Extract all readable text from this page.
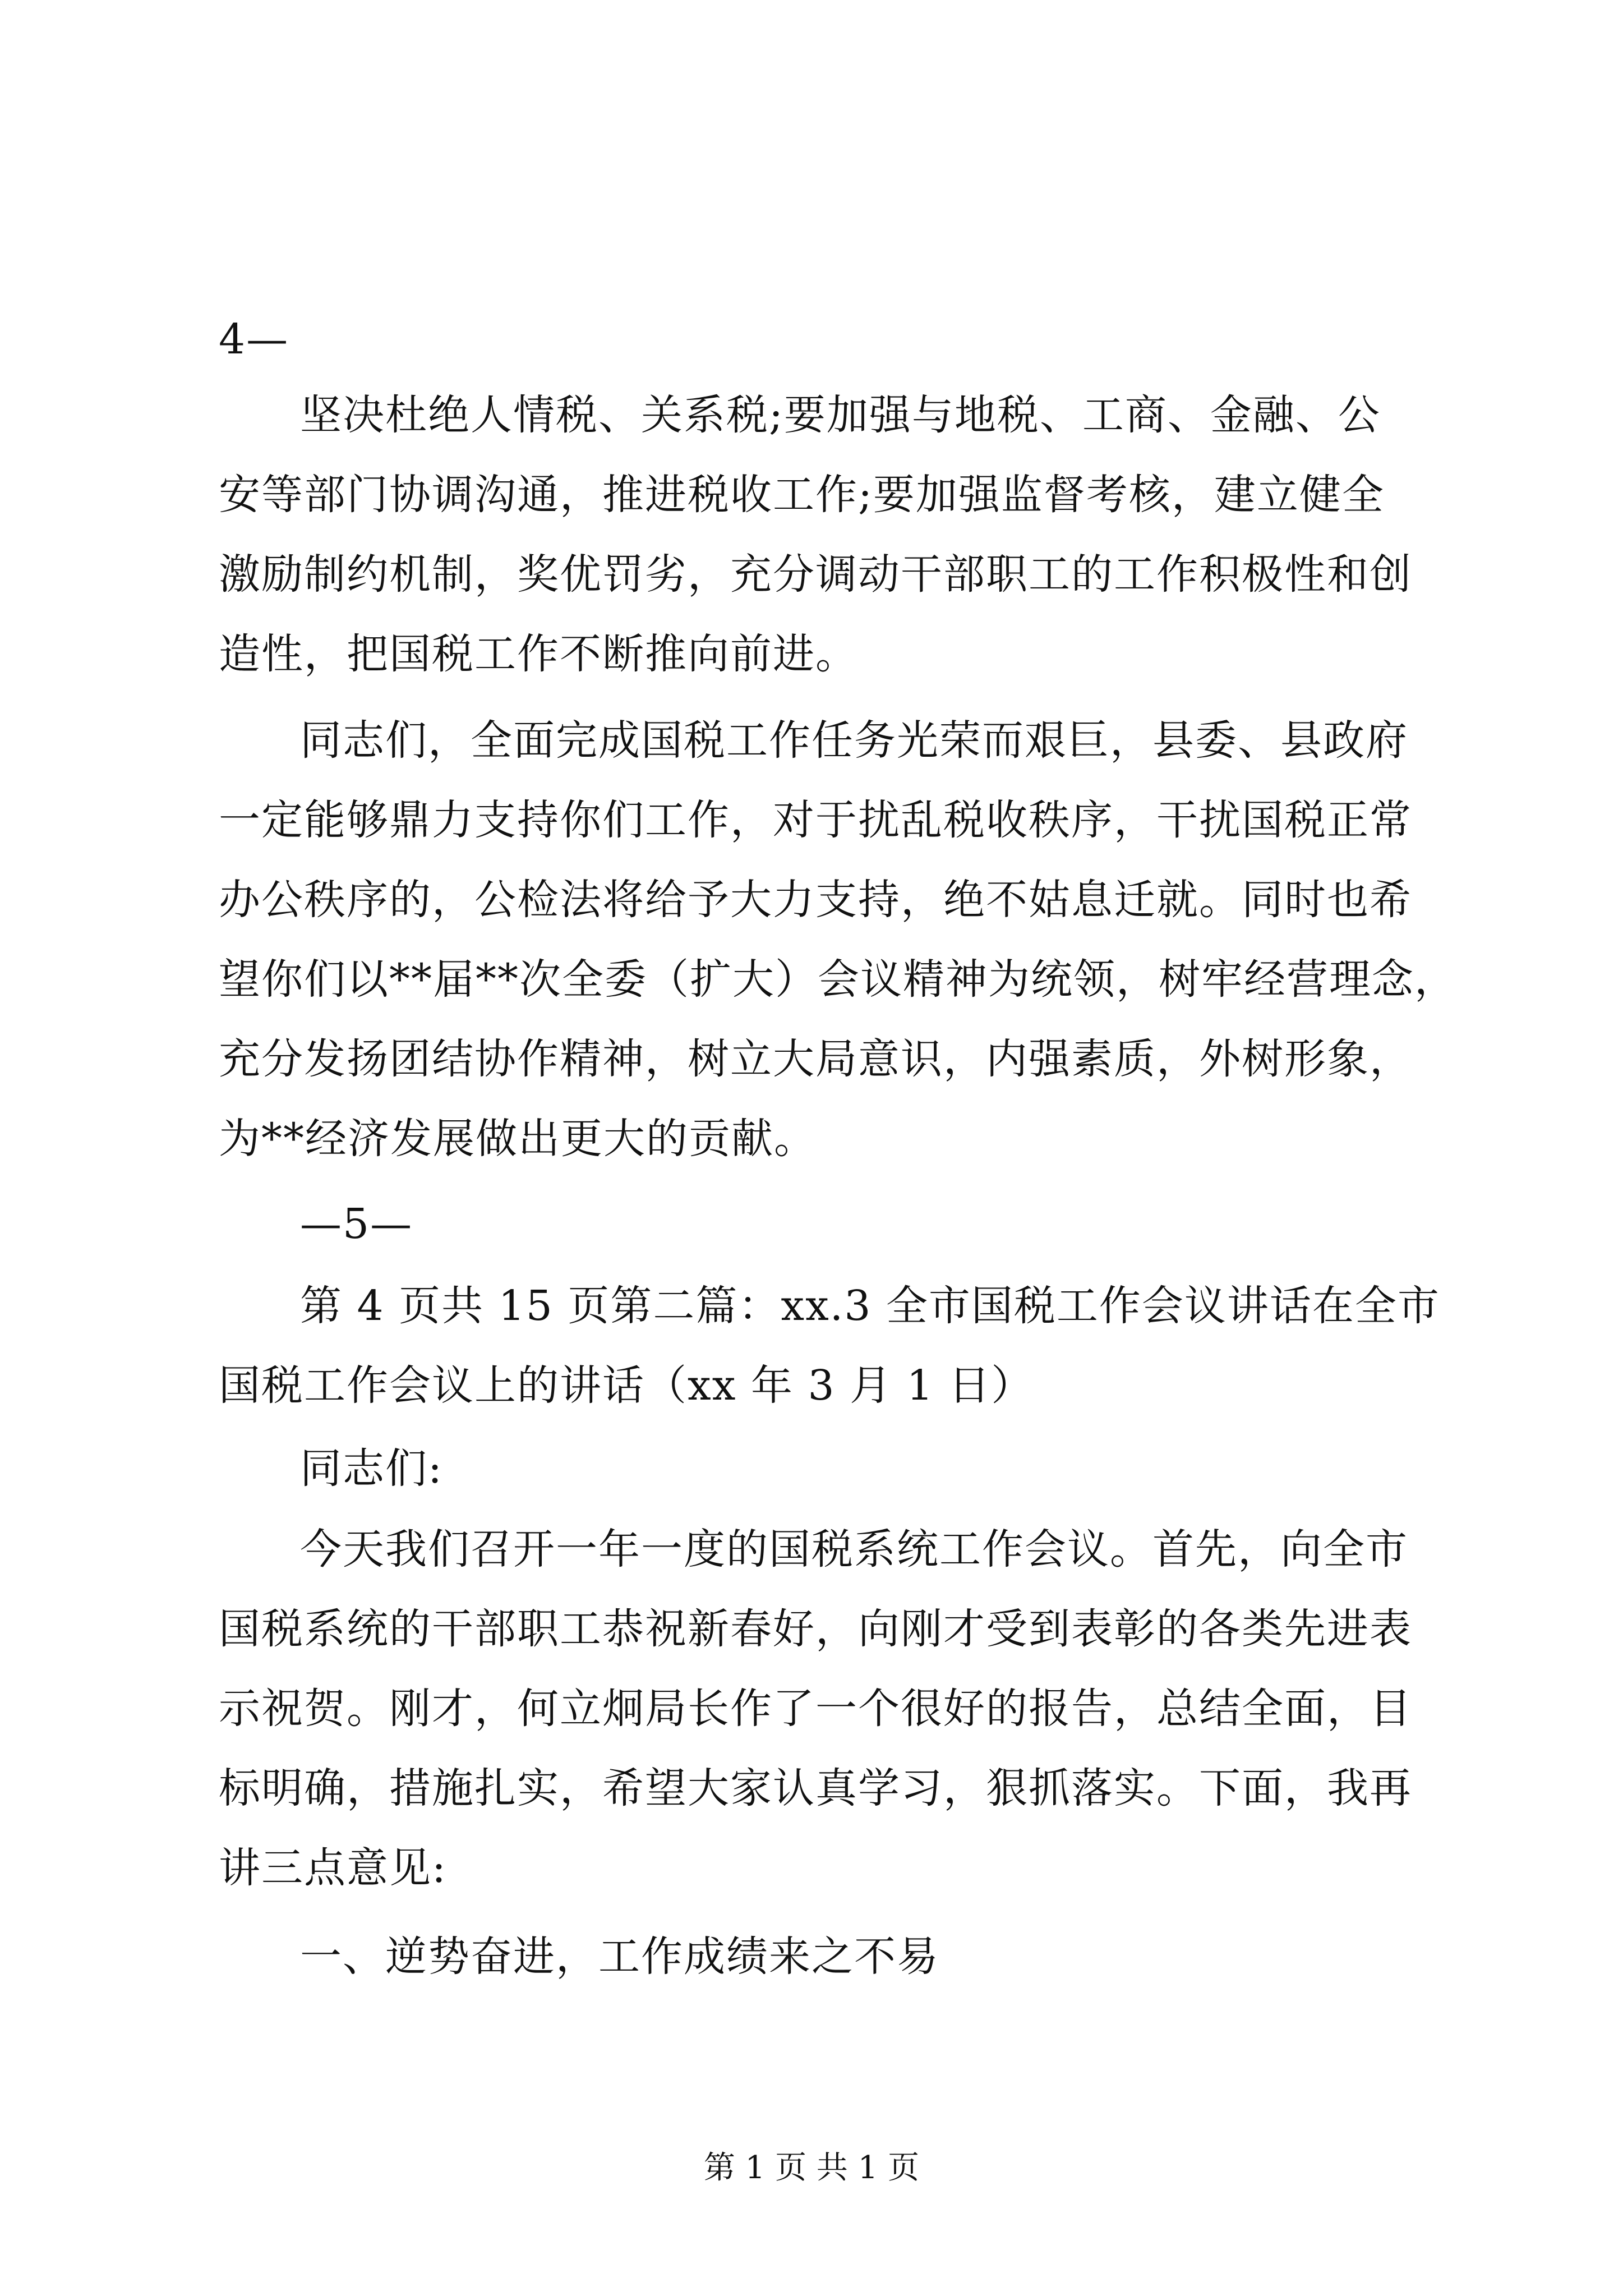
4—
坚决杜绝人情税、关系税;要加强与地税、工商、金融、公
安等部门协调沟通，推进税收工作;要加强监督考核，建立健全
激励制约机制，奖优罚劣，充分调动干部职工的工作积极性和创
造性，把国税工作不断推向前进。
同志们，全面完成国税工作任务光荣而艰巨，县委、县政府
一定能够鼎力支持你们工作，对于扰乱税收秩序，干扰国税正常
办公秩序的，公检法将给予大力支持，绝不姑息迁就。同时也希
望你们以**届**次全委（扩大）会议精神为统领，树牢经营理念，
充分发扬团结协作精神，树立大局意识，内强素质，外树形象，
为**经济发展做出更大的贡献。
—5—
第 4 页共 15 页第二篇：xx.3 全市国税工作会议讲话在全市
国税工作会议上的讲话（xx 年 3 月 1 日）
同志们:
今天我们召开一年一度的国税系统工作会议。首先，向全市
国税系统的干部职工恭祝新春好，向刚才受到表彰的各类先进表
示祝贺。刚才，何立炯局长作了一个很好的报告，总结全面，目
标明确，措施扎实，希望大家认真学习，狠抓落实。下面，我再
讲三点意见:
一、逆势奋进，工作成绩来之不易
第 1 页 共 1 页
